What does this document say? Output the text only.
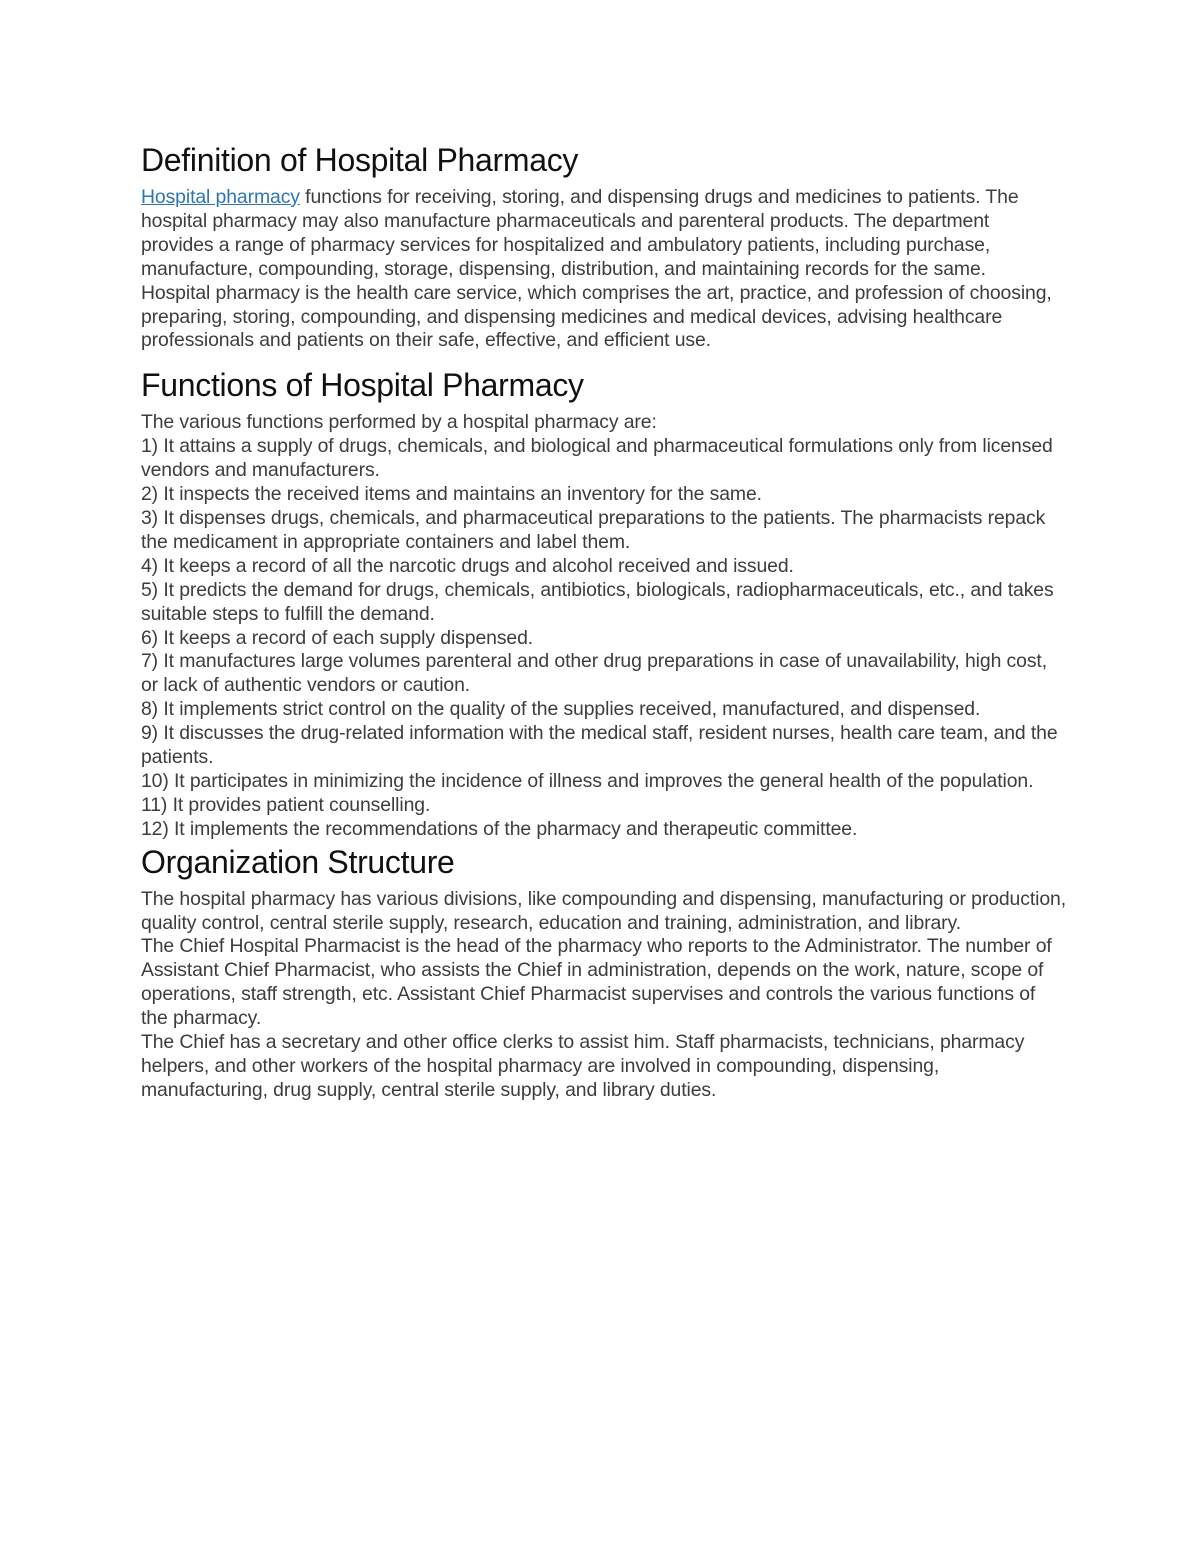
Definition of Hospital Pharmacy

Hospital pharmacy functions for receiving, storing, and dispensing drugs and medicines to patients. The hospital pharmacy may also manufacture pharmaceuticals and parenteral products. The department provides a range of pharmacy services for hospitalized and ambulatory patients, including purchase, manufacture, compounding, storage, dispensing, distribution, and maintaining records for the same.

Hospital pharmacy is the health care service, which comprises the art, practice, and profession of choosing, preparing, storing, compounding, and dispensing medicines and medical devices, advising healthcare professionals and patients on their safe, effective, and efficient use.

Functions of Hospital Pharmacy

The various functions performed by a hospital pharmacy are:

1) It attains a supply of drugs, chemicals, and biological and pharmaceutical formulations only from licensed vendors and manufacturers.

2) It inspects the received items and maintains an inventory for the same.

3) It dispenses drugs, chemicals, and pharmaceutical preparations to the patients. The pharmacists repack the medicament in appropriate containers and label them.

4) It keeps a record of all the narcotic drugs and alcohol received and issued.

5) It predicts the demand for drugs, chemicals, antibiotics, biologicals, radiopharmaceuticals, etc., and takes suitable steps to fulfill the demand.

6) It keeps a record of each supply dispensed.

7) It manufactures large volumes parenteral and other drug preparations in case of unavailability, high cost, or lack of authentic vendors or caution.

8) It implements strict control on the quality of the supplies received, manufactured, and dispensed.

9) It discusses the drug-related information with the medical staff, resident nurses, health care team, and the patients.

10) It participates in minimizing the incidence of illness and improves the general health of the population.

11) It provides patient counselling.

12) It implements the recommendations of the pharmacy and therapeutic committee.

Organization Structure

The hospital pharmacy has various divisions, like compounding and dispensing, manufacturing or production, quality control, central sterile supply, research, education and training, administration, and library.

The Chief Hospital Pharmacist is the head of the pharmacy who reports to the Administrator. The number of Assistant Chief Pharmacist, who assists the Chief in administration, depends on the work, nature, scope of operations, staff strength, etc. Assistant Chief Pharmacist supervises and controls the various functions of the pharmacy.

The Chief has a secretary and other office clerks to assist him. Staff pharmacists, technicians, pharmacy helpers, and other workers of the hospital pharmacy are involved in compounding, dispensing, manufacturing, drug supply, central sterile supply, and library duties.
